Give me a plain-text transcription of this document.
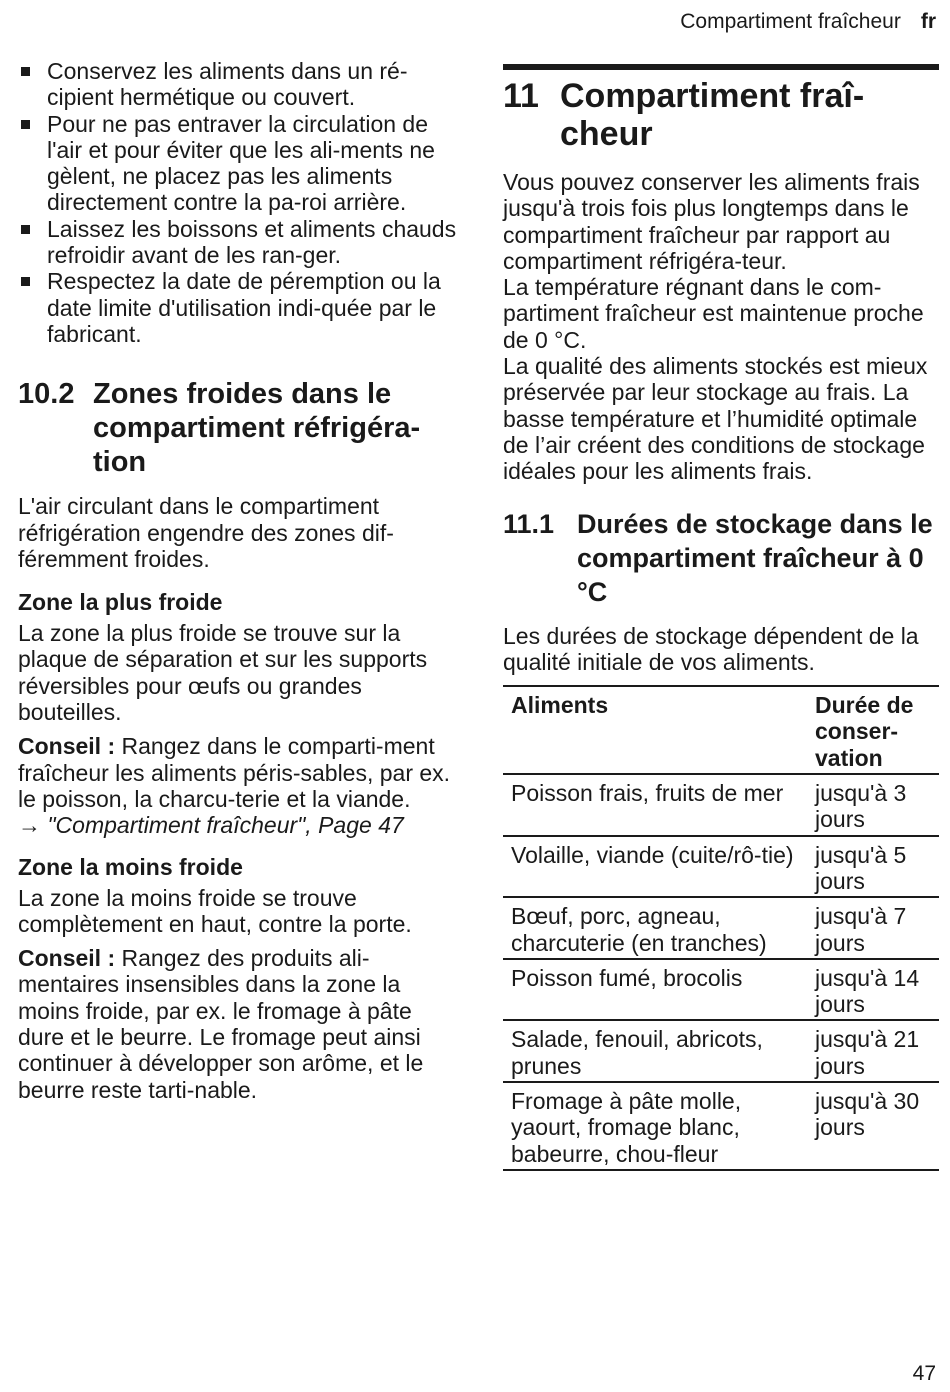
Compartiment fraîcheur fr
Conservez les aliments dans un ré-cipient hermétique ou couvert.
Pour ne pas entraver la circulation de l'air et pour éviter que les ali-ments ne gèlent, ne placez pas les aliments directement contre la pa-roi arrière.
Laissez les boissons et aliments chauds refroidir avant de les ran-ger.
Respectez la date de péremption ou la date limite d'utilisation indi-quée par le fabricant.
10.2 Zones froides dans le compartiment réfrigéra-tion

L'air circulant dans le compartiment réfrigération engendre des zones dif-féremment froides.

Zone la plus froide

La zone la plus froide se trouve sur la plaque de séparation et sur les supports réversibles pour œufs ou grandes bouteilles.

Conseil : Rangez dans le comparti-ment fraîcheur les aliments péris-sables, par ex. le poisson, la charcu-terie et la viande.

→ "Compartiment fraîcheur", Page 47

Zone la moins froide

La zone la moins froide se trouve complètement en haut, contre la porte.

Conseil : Rangez des produits ali-mentaires insensibles dans la zone la moins froide, par ex. le fromage à pâte dure et le beurre. Le fromage peut ainsi continuer à développer son arôme, et le beurre reste tarti-nable.

11 Compartiment fraî-cheur

Vous pouvez conserver les aliments frais jusqu'à trois fois plus longtemps dans le compartiment fraîcheur par rapport au compartiment réfrigéra-teur.

La température régnant dans le com-partiment fraîcheur est maintenue proche de 0 °C.

La qualité des aliments stockés est mieux préservée par leur stockage au frais. La basse température et l’humidité optimale de l’air créent des conditions de stockage idéales pour les aliments frais.

11.1 Durées de stockage dans le compartiment fraîcheur à 0 °C

Les durées de stockage dépendent de la qualité initiale de vos aliments.

Aliments	Durée de conser-vation
Poisson frais, fruits de mer	jusqu'à 3 jours
Volaille, viande (cuite/rô-tie)	jusqu'à 5 jours
Bœuf, porc, agneau, charcuterie (en tranches)	jusqu'à 7 jours
Poisson fumé, brocolis	jusqu'à 14 jours
Salade, fenouil, abricots, prunes	jusqu'à 21 jours
Fromage à pâte molle, yaourt, fromage blanc, babeurre, chou-fleur	jusqu'à 30 jours
47
